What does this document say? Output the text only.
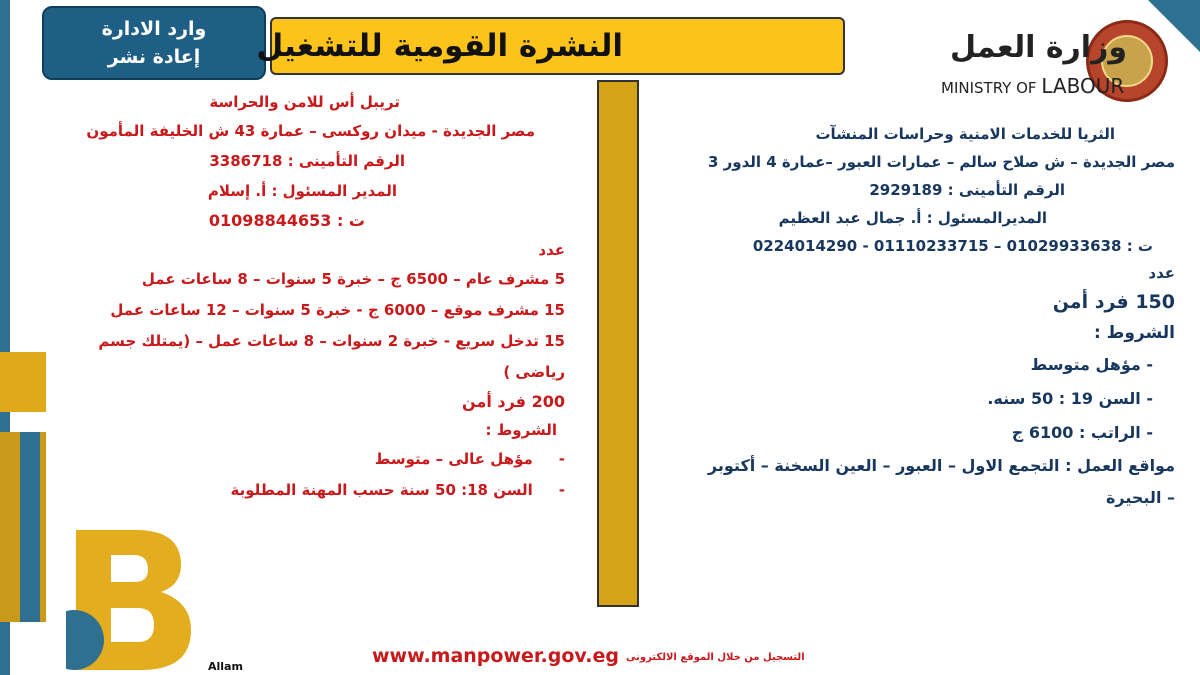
وارد الادارة
إعادة نشر	النشرة القومية للتشغيل	وزارة العمل
MINISTRY OF LABOUR
الثريا للخدمات الامنية وحراسات المنشآت
مصر الجديدة – ش صلاح سالم – عمارات العبور –عمارة 4 الدور 3
الرقم التأمينى : 2929189
المديرالمسئول : أ. جمال عبد العظيم
ت : 01029933638 – 01110233715 - 0224014290
عدد
150 فرد أمن
الشروط :
- مؤهل متوسط
- السن 19 : 50 سنه.
- الراتب : 6100 ج
مواقع العمل : التجمع الاول – العبور – العين السخنة – أكتوبر
– البحيرة
تريبل أس للامن والحراسة
مصر الجديدة - ميدان روكسى – عمارة 43 ش الخليفة المأمون
الرقم التأمينى : 3386718
المدير المسئول : أ. إسلام
ت : 01098844653
عدد
5 مشرف عام – 6500 ج – خبرة 5 سنوات – 8 ساعات عمل
15 مشرف موقع – 6000 ج - خبرة 5 سنوات – 12 ساعات عمل
15 تدخل سريع - خبرة 2 سنوات – 8 ساعات عمل – (يمتلك جسم
رياضى )
200 فرد أمن
الشروط :
-مؤهل عالى – متوسط
-السن 18: 50 سنة حسب المهنة المطلوبة
Allam	www.manpower.gov.eg التسجيل من خلال الموقع الالكترونى
